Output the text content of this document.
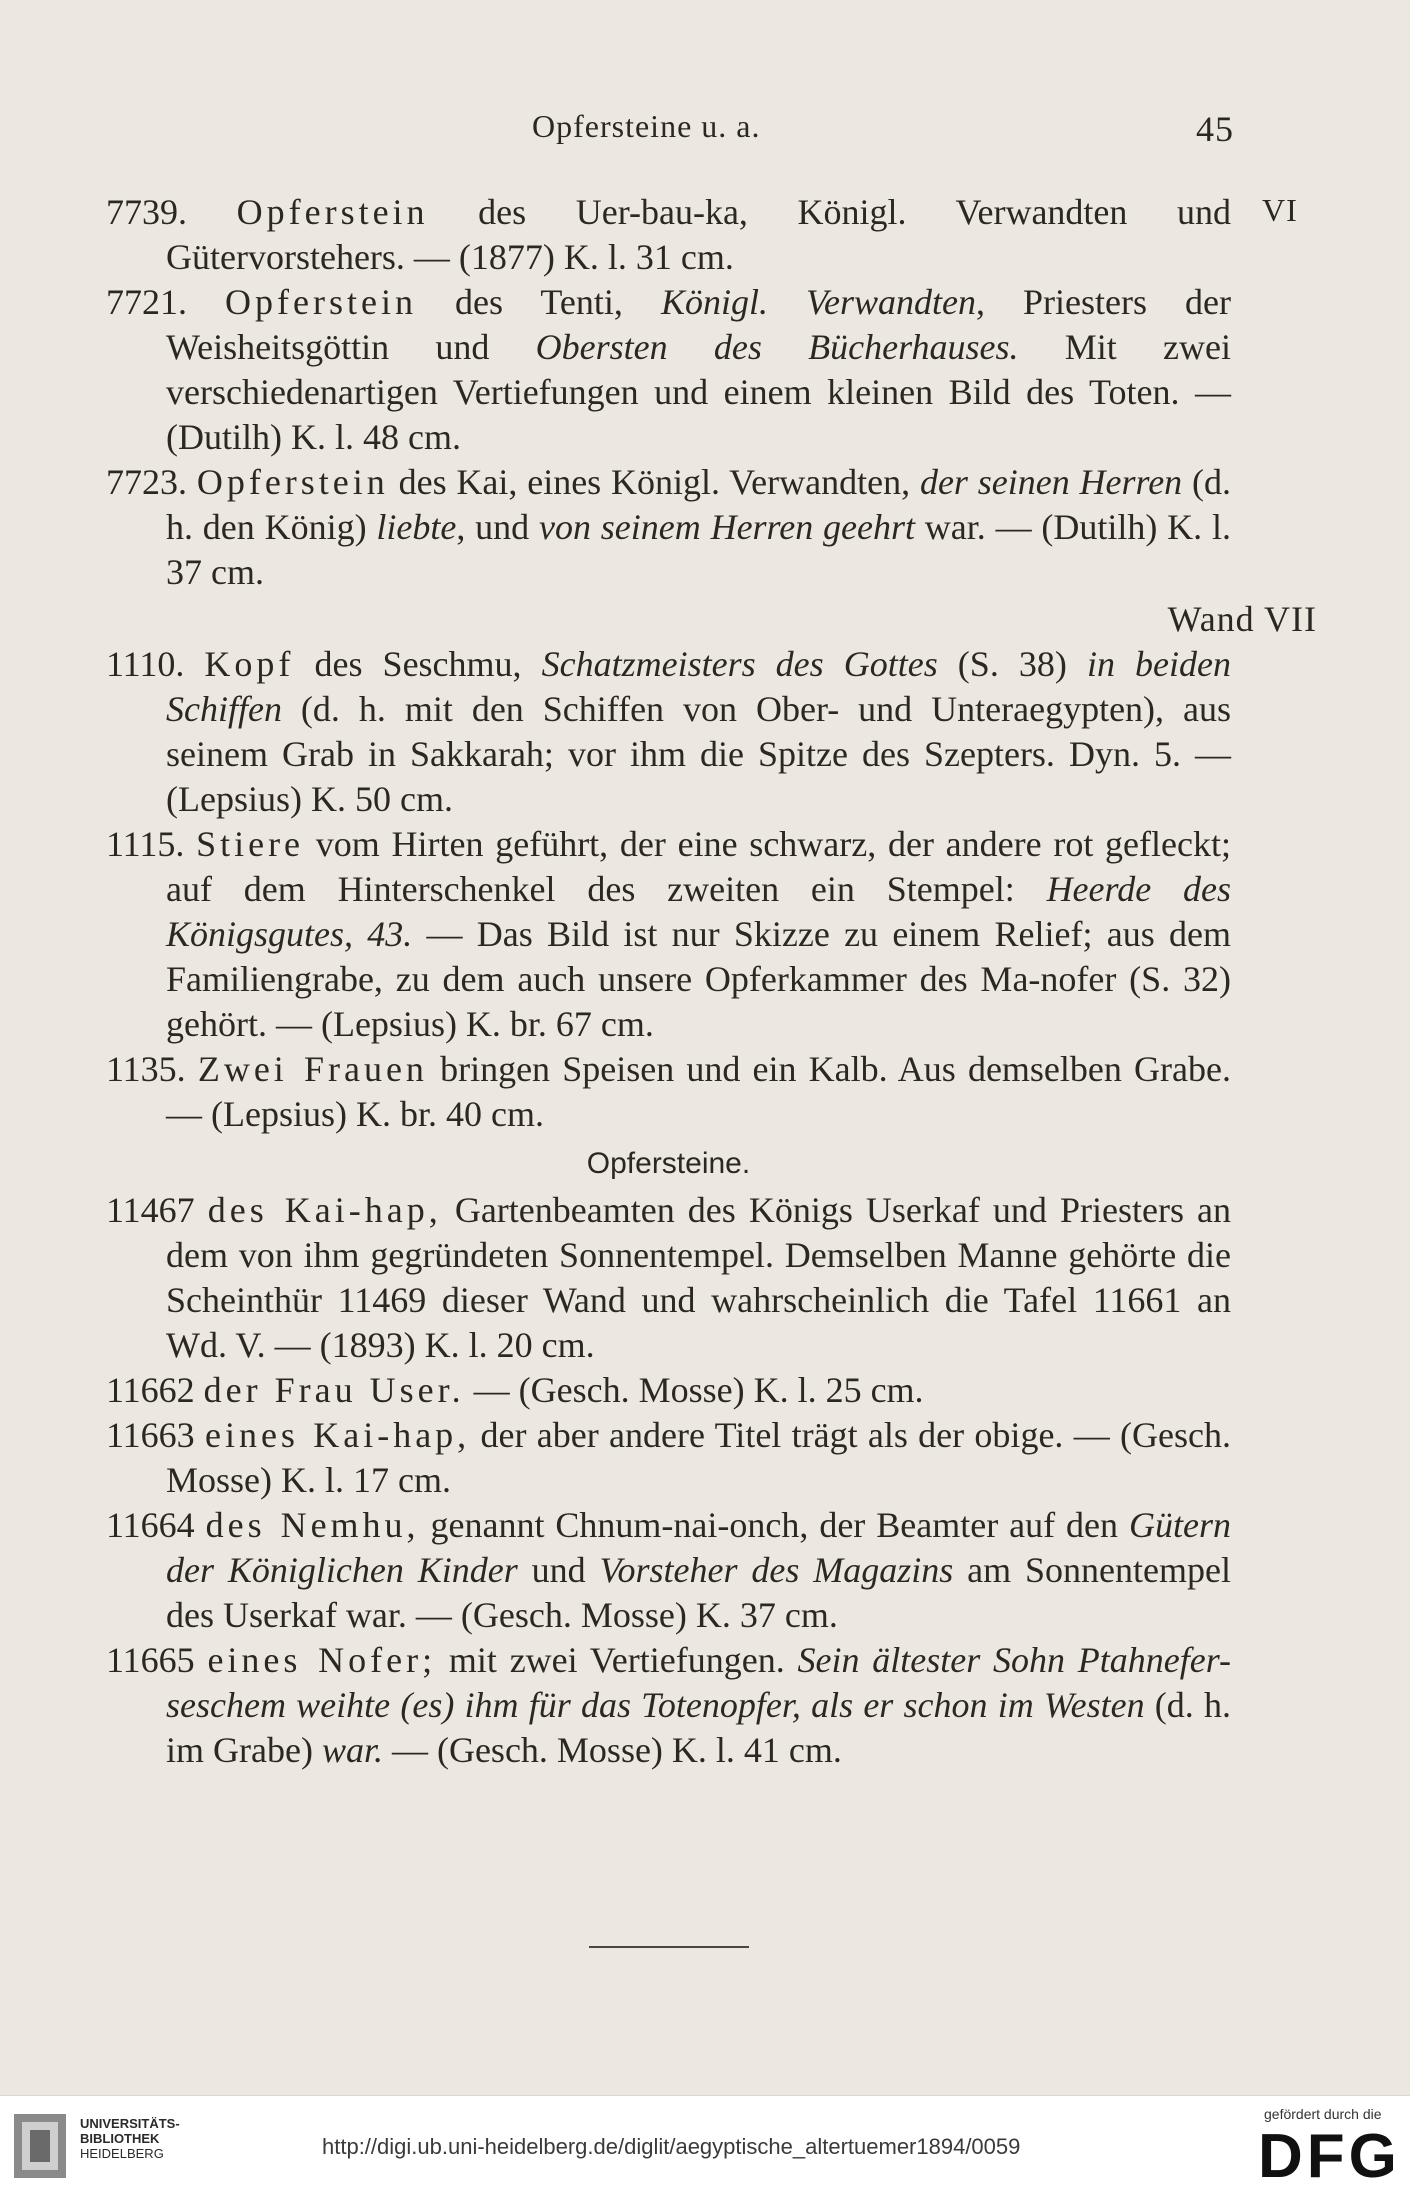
Opfersteine u. a.	45
VI

7739. Opferstein des Uer-bau-ka, Königl. Verwandten und Gütervorstehers. — (1877) K. l. 31 cm.

7721. Opferstein des Tenti, Königl. Verwandten, Priesters der Weisheitsgöttin und Obersten des Bücherhauses. Mit zwei verschiedenartigen Vertiefungen und einem kleinen Bild des Toten. — (Dutilh) K. l. 48 cm.

7723. Opferstein des Kai, eines Königl. Verwandten, der seinen Herren (d. h. den König) liebte, und von seinem Herren geehrt war. — (Dutilh) K. l. 37 cm.

Wand VII

1110. Kopf des Seschmu, Schatzmeisters des Gottes (S. 38) in beiden Schiffen (d. h. mit den Schiffen von Ober- und Unteraegypten), aus seinem Grab in Sakkarah; vor ihm die Spitze des Szepters. Dyn. 5. — (Lepsius) K. 50 cm.

1115. Stiere vom Hirten geführt, der eine schwarz, der andere rot gefleckt; auf dem Hinterschenkel des zweiten ein Stempel: Heerde des Königsgutes, 43. — Das Bild ist nur Skizze zu einem Relief; aus dem Familiengrabe, zu dem auch unsere Opferkammer des Ma-nofer (S. 32) gehört. — (Lepsius) K. br. 67 cm.

1135. Zwei Frauen bringen Speisen und ein Kalb. Aus demselben Grabe. — (Lepsius) K. br. 40 cm.

Opfersteine.

11467 des Kai-hap, Gartenbeamten des Königs Userkaf und Priesters an dem von ihm gegründeten Sonnentempel. Demselben Manne gehörte die Scheinthür 11469 dieser Wand und wahrscheinlich die Tafel 11661 an Wd. V. — (1893) K. l. 20 cm.

11662 der Frau User. — (Gesch. Mosse) K. l. 25 cm.

11663 eines Kai-hap, der aber andere Titel trägt als der obige. — (Gesch. Mosse) K. l. 17 cm.

11664 des Nemhu, genannt Chnum-nai-onch, der Beamter auf den Gütern der Königlichen Kinder und Vorsteher des Magazins am Sonnentempel des Userkaf war. — (Gesch. Mosse) K. 37 cm.

11665 eines Nofer; mit zwei Vertiefungen. Sein ältester Sohn Ptahnefer-seschem weihte (es) ihm für das Totenopfer, als er schon im Westen (d. h. im Grabe) war. — (Gesch. Mosse) K. l. 41 cm.

UNIVERSITÄTS-
BIBLIOTHEK
HEIDELBERG	http://digi.ub.uni-heidelberg.de/diglit/aegyptische_altertuemer1894/0059
gefördert durch die
DFG
